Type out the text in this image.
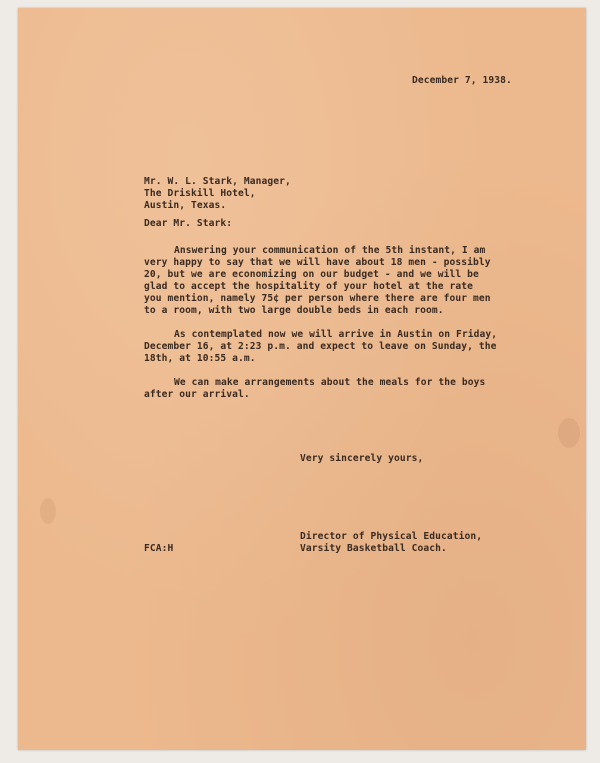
December 7, 1938.
Mr. W. L. Stark, Manager,
The Driskill Hotel,
Austin, Texas.
Dear Mr. Stark:
Answering your communication of the 5th instant, I am
very happy to say that we will have about 18 men - possibly
20, but we are economizing on our budget - and we will be
glad to accept the hospitality of your hotel at the rate
you mention, namely 75¢ per person where there are four men
to a room, with two large double beds in each room.
As contemplated now we will arrive in Austin on Friday,
December 16, at 2:23 p.m. and expect to leave on Sunday, the
18th, at 10:55 a.m.
We can make arrangements about the meals for the boys
after our arrival.
Very sincerely yours,
Director of Physical Education,
Varsity Basketball Coach.
FCA:H
